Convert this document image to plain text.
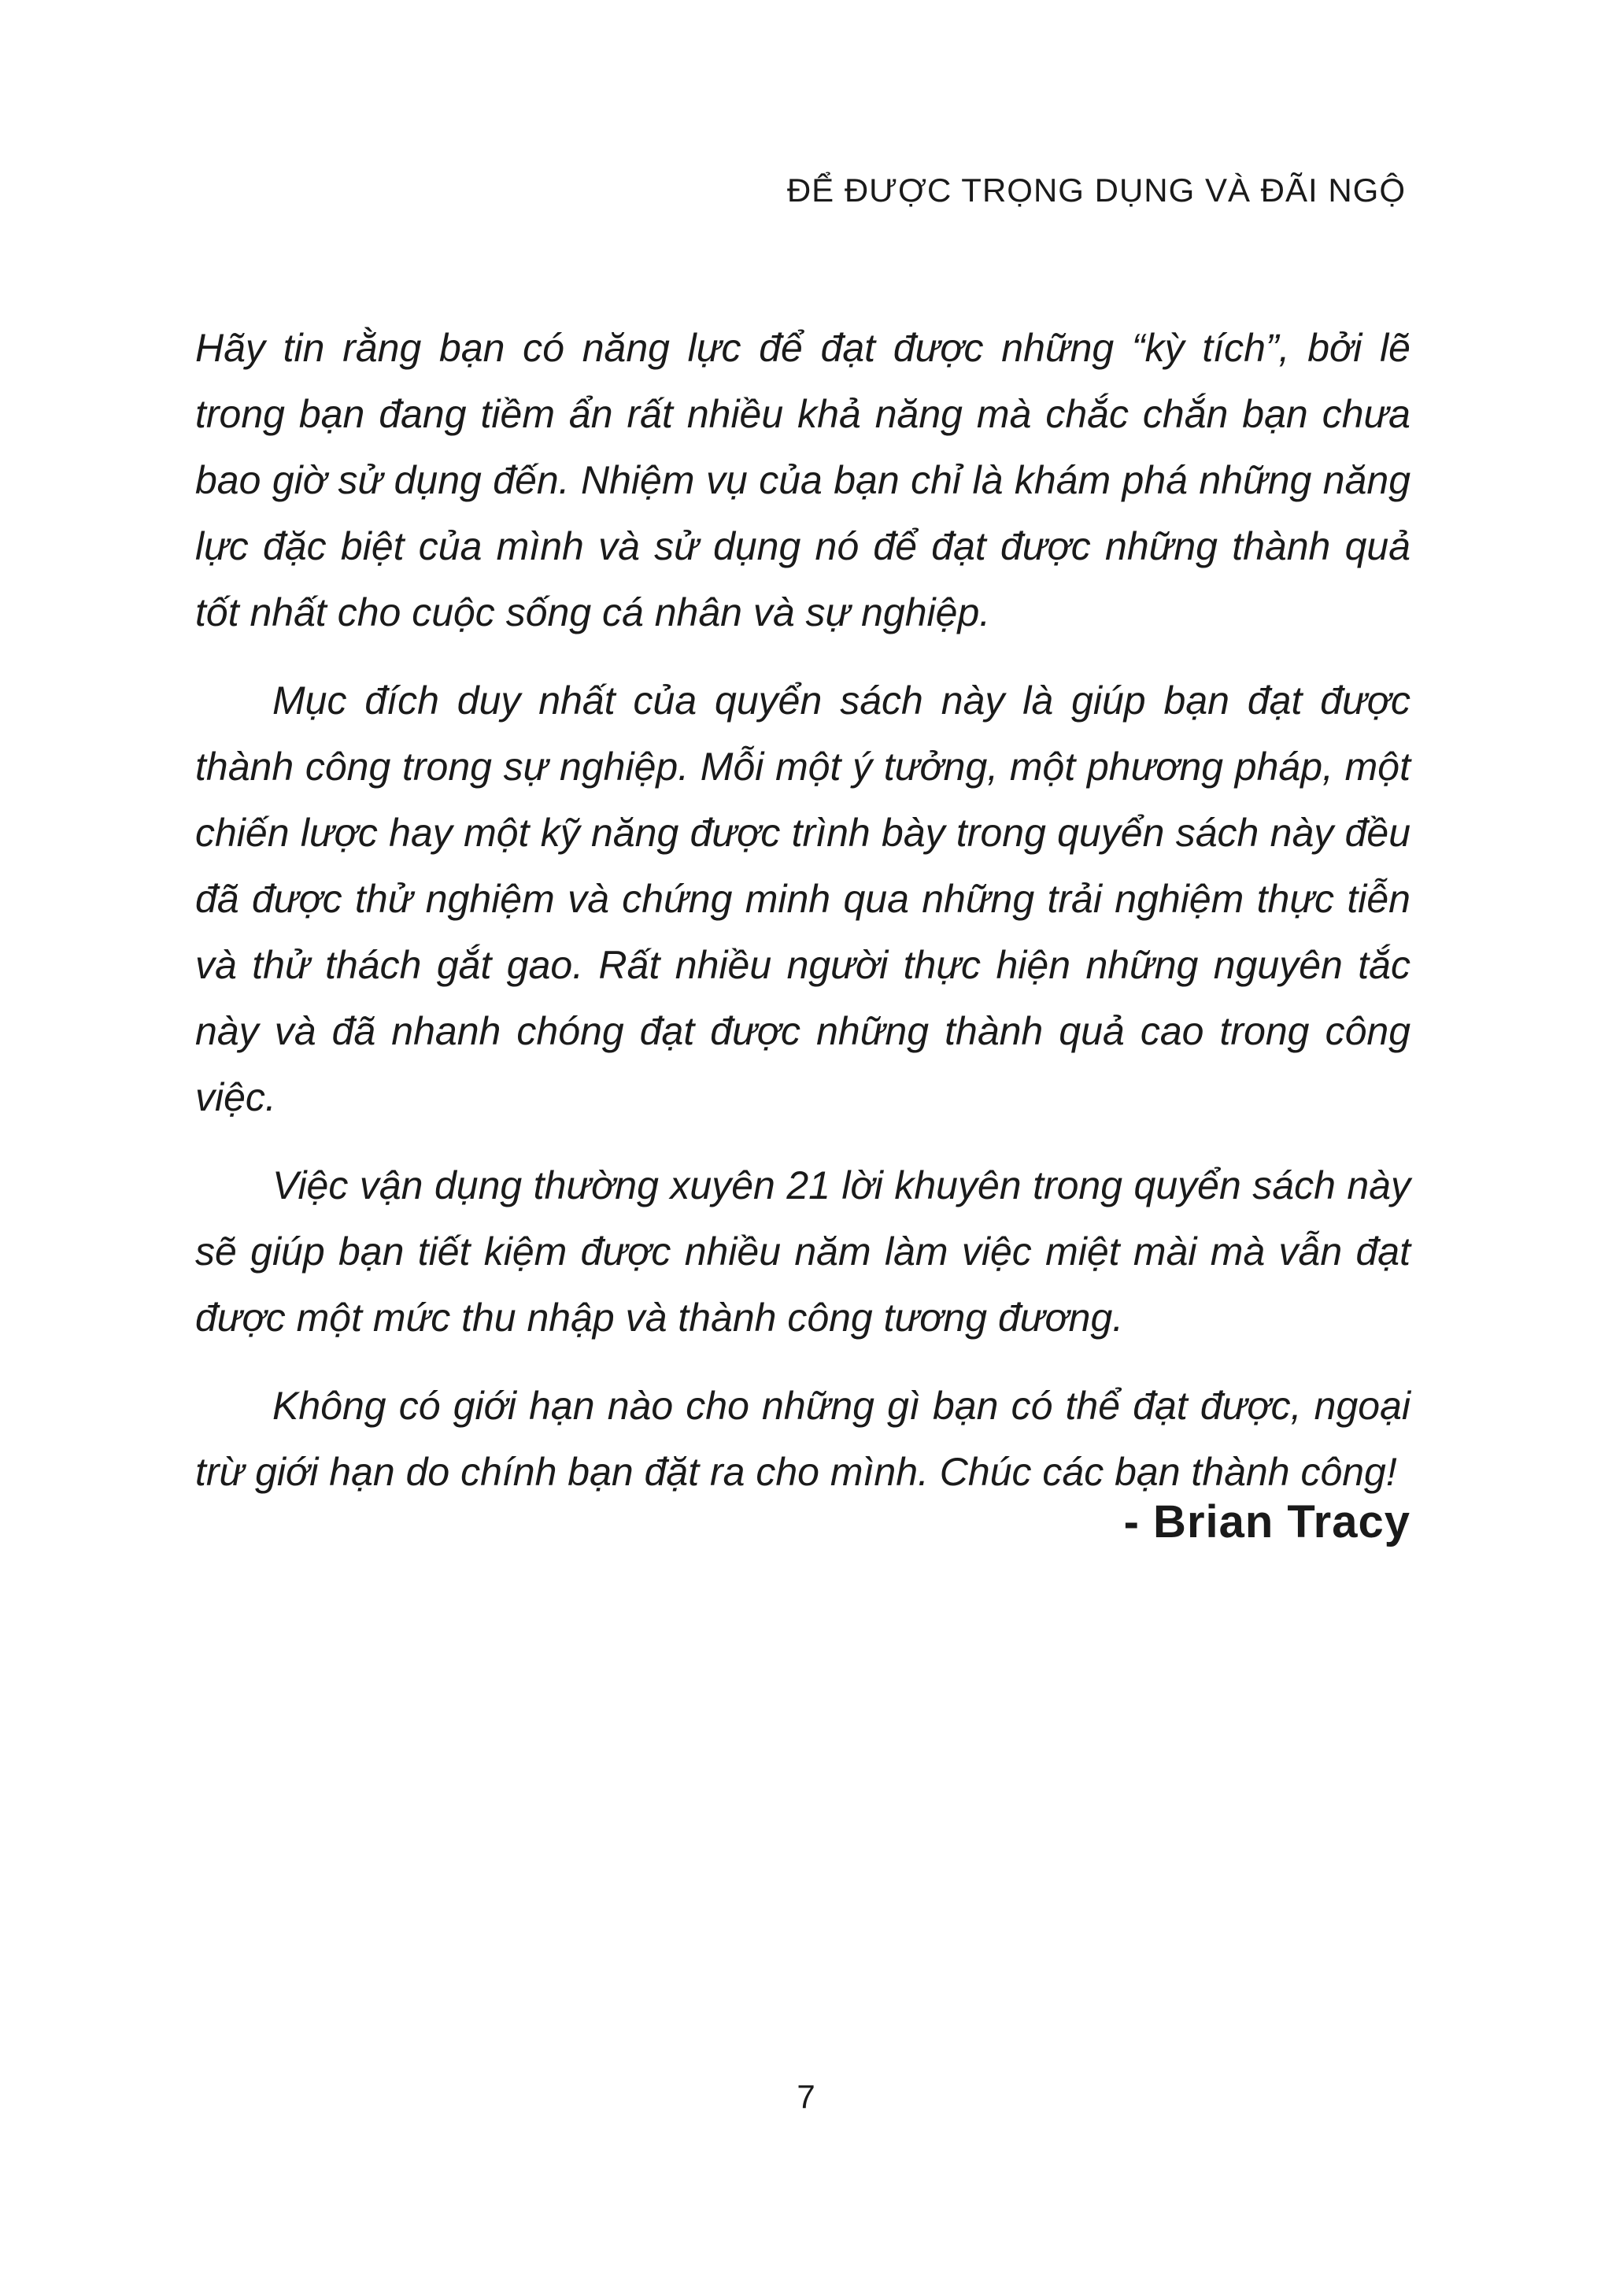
ĐỂ ĐƯỢC TRỌNG DỤNG VÀ ĐÃI NGỘ

Hãy tin rằng bạn có năng lực để đạt được những “kỳ tích”, bởi lẽ trong bạn đang tiềm ẩn rất nhiều khả năng mà chắc chắn bạn chưa bao giờ sử dụng đến. Nhiệm vụ của bạn chỉ là khám phá những năng lực đặc biệt của mình và sử dụng nó để đạt được những thành quả tốt nhất cho cuộc sống cá nhân và sự nghiệp.

Mục đích duy nhất của quyển sách này là giúp bạn đạt được thành công trong sự nghiệp. Mỗi một ý tưởng, một phương pháp, một chiến lược hay một kỹ năng được trình bày trong quyển sách này đều đã được thử nghiệm và chứng minh qua những trải nghiệm thực tiễn và thử thách gắt gao. Rất nhiều người thực hiện những nguyên tắc này và đã nhanh chóng đạt được những thành quả cao trong công việc.

Việc vận dụng thường xuyên 21 lời khuyên trong quyển sách này sẽ giúp bạn tiết kiệm được nhiều năm làm việc miệt mài mà vẫn đạt được một mức thu nhập và thành công tương đương.

Không có giới hạn nào cho những gì bạn có thể đạt được, ngoại trừ giới hạn do chính bạn đặt ra cho mình. Chúc các bạn thành công!

- Brian Tracy
7
